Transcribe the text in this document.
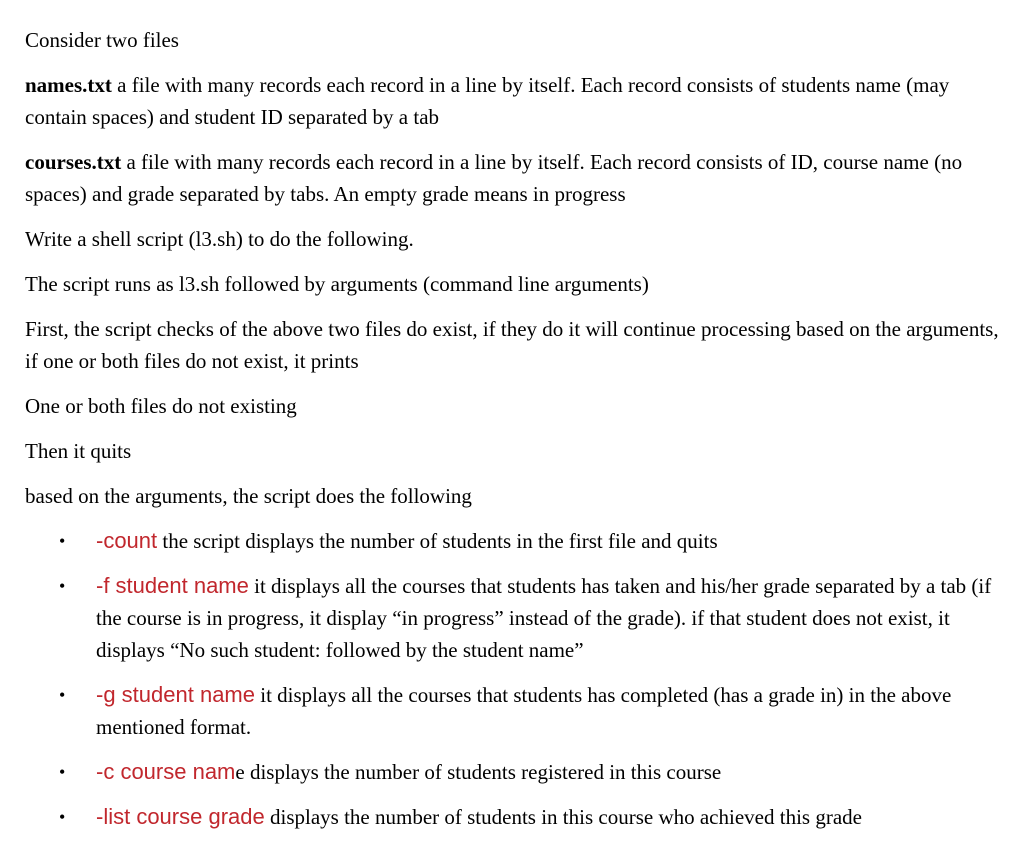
Consider two files

names.txt a file with many records each record in a line by itself. Each record consists of students name (may contain spaces) and student ID separated by a tab

courses.txt a file with many records each record in a line by itself. Each record consists of ID, course name (no spaces) and grade separated by tabs. An empty grade means in progress

Write a shell script (l3.sh) to do the following.

The script runs as l3.sh followed by arguments (command line arguments)

First, the script checks of the above two files do exist, if they do it will continue processing based on the arguments, if one or both files do not exist, it prints

One or both files do not existing

Then it quits

based on the arguments, the script does the following

• -count the script displays the number of students in the first file and quits
• -f student name it displays all the courses that students has taken and his/her grade separated by a tab (if the course is in progress, it display “in progress” instead of the grade). if that student does not exist, it displays “No such student: followed by the student name”
• -g student name it displays all the courses that students has completed (has a grade in) in the above mentioned format.
• -c course name displays the number of students registered in this course
• -list course grade displays the number of students in this course who achieved this grade
